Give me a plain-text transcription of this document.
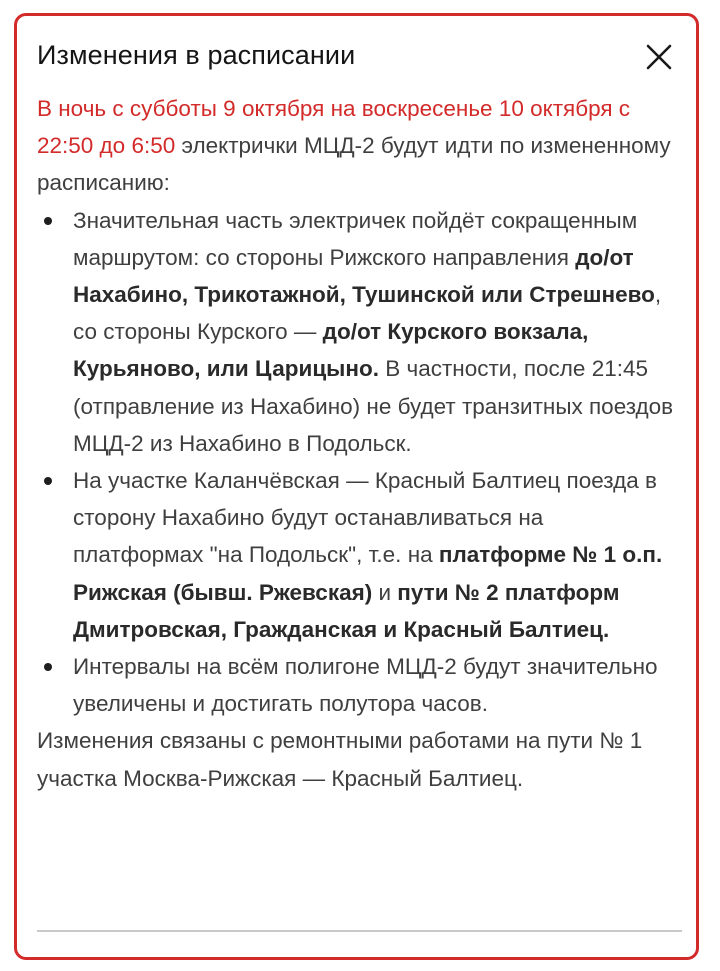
Изменения в расписании

В ночь с субботы 9 октября на воскресенье 10 октября с 22:50 до 6:50 электрички МЦД-2 будут идти по измененному расписанию:

Значительная часть электричек пойдёт сокращенным маршрутом: со стороны Рижского направления до/от Нахабино, Трикотажной, Тушинской или Стрешнево, со стороны Курского — до/от Курского вокзала, Курьяново, или Царицыно. В частности, после 21:45 (отправление из Нахабино) не будет транзитных поездов МЦД-2 из Нахабино в Подольск.
На участке Каланчёвская — Красный Балтиец поезда в сторону Нахабино будут останавливаться на платформах "на Подольск", т.е. на платформе № 1 о.п. Рижская (бывш. Ржевская) и пути № 2 платформ Дмитровская, Гражданская и Красный Балтиец.
Интервалы на всём полигоне МЦД-2 будут значительно увеличены и достигать полутора часов.

Изменения связаны с ремонтными работами на пути № 1 участка Москва-Рижская — Красный Балтиец.
